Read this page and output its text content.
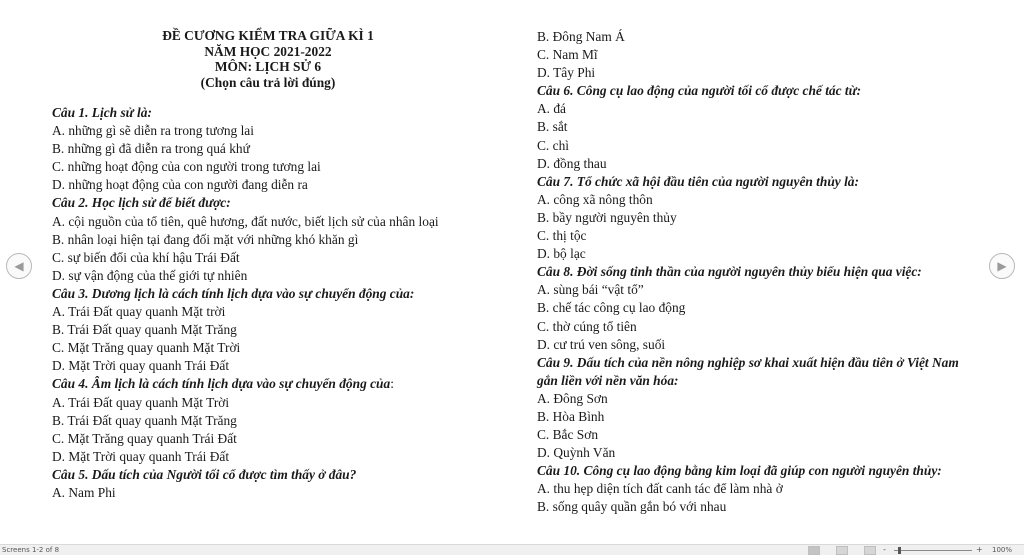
ĐỀ CƯƠNG KIỂM TRA GIỮA KÌ 1
NĂM HỌC 2021-2022
MÔN: LỊCH SỬ 6
(Chọn câu trả lời đúng)
Câu 1. Lịch sử là:
A. những gì sẽ diễn ra trong tương lai
B. những gì đã diễn ra trong quá khứ
C. những hoạt động của con người trong tương lai
D. những hoạt động của con người đang diễn ra
Câu 2. Học lịch sử để biết được:
A. cội nguồn của tổ tiên, quê hương, đất nước, biết lịch sử của nhân loại
B. nhân loại hiện tại đang đối mặt với những khó khăn gì
C. sự biến đổi của khí hậu Trái Đất
D. sự vận động của thế giới tự nhiên
Câu 3. Dương lịch là cách tính lịch dựa vào sự chuyển động của:
A. Trái Đất quay quanh Mặt trời
B. Trái Đất quay quanh Mặt Trăng
C. Mặt Trăng quay quanh Mặt Trời
D. Mặt Trời quay quanh Trái Đất
Câu 4. Âm lịch là cách tính lịch dựa vào sự chuyển động của:
A. Trái Đất quay quanh Mặt Trời
B. Trái Đất quay quanh Mặt Trăng
C. Mặt Trăng quay quanh Trái Đất
D. Mặt Trời quay quanh Trái Đất
Câu 5. Dấu tích của Người tối cổ được tìm thấy ở đâu?
A. Nam Phi
B. Đông Nam Á
C. Nam Mĩ
D. Tây Phi
Câu 6. Công cụ lao động của người tối cổ được chế tác từ:
A. đá
B. sắt
C. chì
D. đồng thau
Câu 7. Tổ chức xã hội đầu tiên của người nguyên thủy là:
A. công xã nông thôn
B. bầy người nguyên thủy
C. thị tộc
D. bộ lạc
Câu 8. Đời sống tinh thần của người nguyên thủy biểu hiện qua việc:
A. sùng bái “vật tổ”
B. chế tác công cụ lao động
C. thờ cúng tổ tiên
D. cư trú ven sông, suối
Câu 9. Dấu tích của nền nông nghiệp sơ khai xuất hiện đầu tiên ở Việt Nam
gắn liền với nền văn hóa:
A. Đông Sơn
B. Hòa Bình
C. Bắc Sơn
D. Quỳnh Văn
Câu 10. Công cụ lao động bằng kim loại đã giúp con người nguyên thủy:
A. thu hẹp diện tích đất canh tác để làm nhà ở
B. sống quây quần gắn bó với nhau
◀	▶
Screens 1-2 of 8	-	+ 100%
